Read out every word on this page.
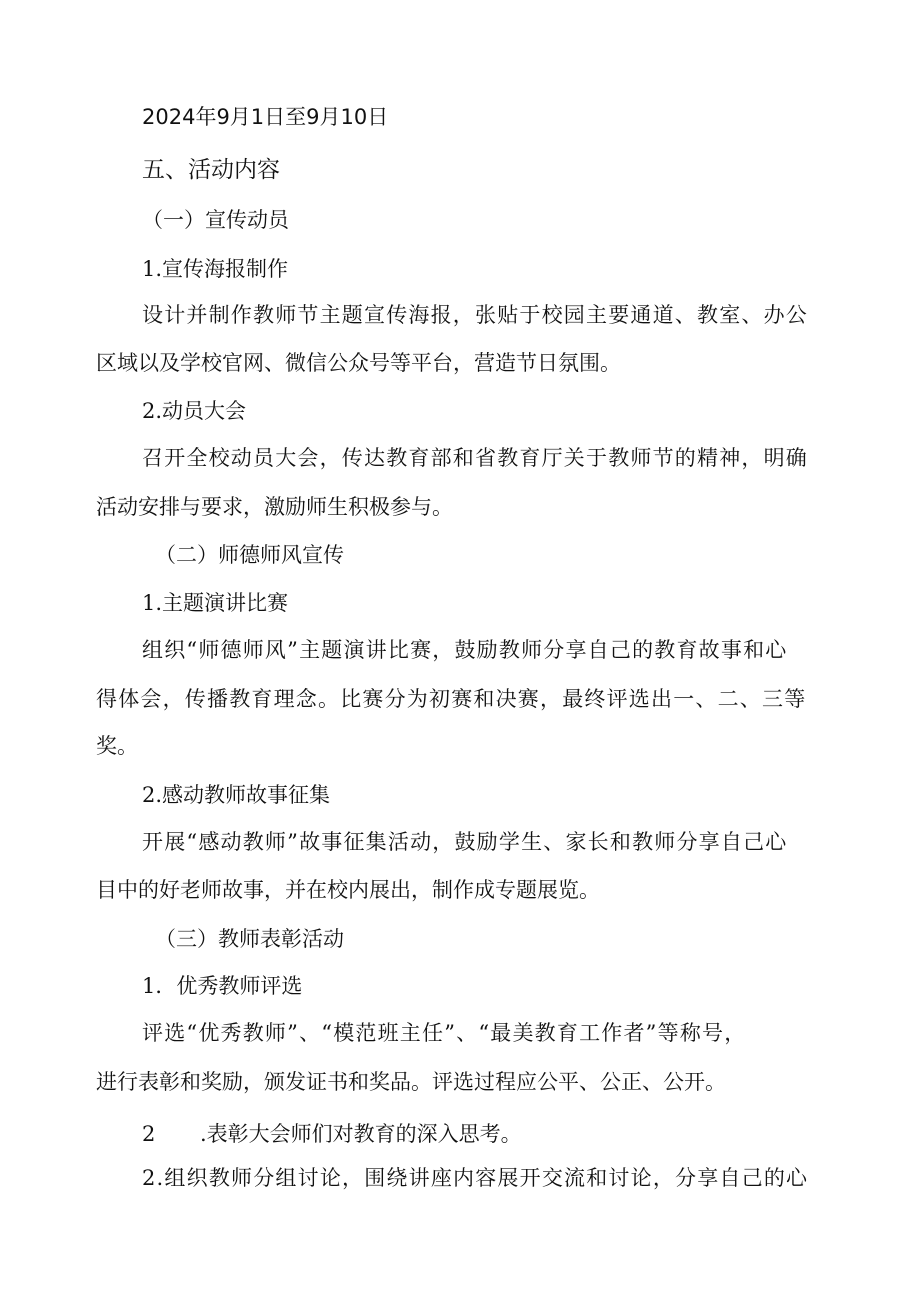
2024年9月1日至9月10日
五、活动内容
（一）宣传动员
1.宣传海报制作
设计并制作教师节主题宣传海报，张贴于校园主要通道、教室、办公
区域以及学校官网、微信公众号等平台，营造节日氛围。
2.动员大会
召开全校动员大会，传达教育部和省教育厅关于教师节的精神，明确
活动安排与要求，激励师生积极参与。
（二）师德师风宣传
1.主题演讲比赛
组织“师德师风”主题演讲比赛，鼓励教师分享自己的教育故事和心
得体会，传播教育理念。比赛分为初赛和决赛，最终评选出一、二、三等
奖。
2.感动教师故事征集
开展“感动教师”故事征集活动，鼓励学生、家长和教师分享自己心
目中的好老师故事，并在校内展出，制作成专题展览。
（三）教师表彰活动
1．优秀教师评选
评选“优秀教师”、“模范班主任”、“最美教育工作者”等称号，
进行表彰和奖励，颁发证书和奖品。评选过程应公平、公正、公开。
2 .表彰大会师们对教育的深入思考。
2.组织教师分组讨论，围绕讲座内容展开交流和讨论，分享自己的心
